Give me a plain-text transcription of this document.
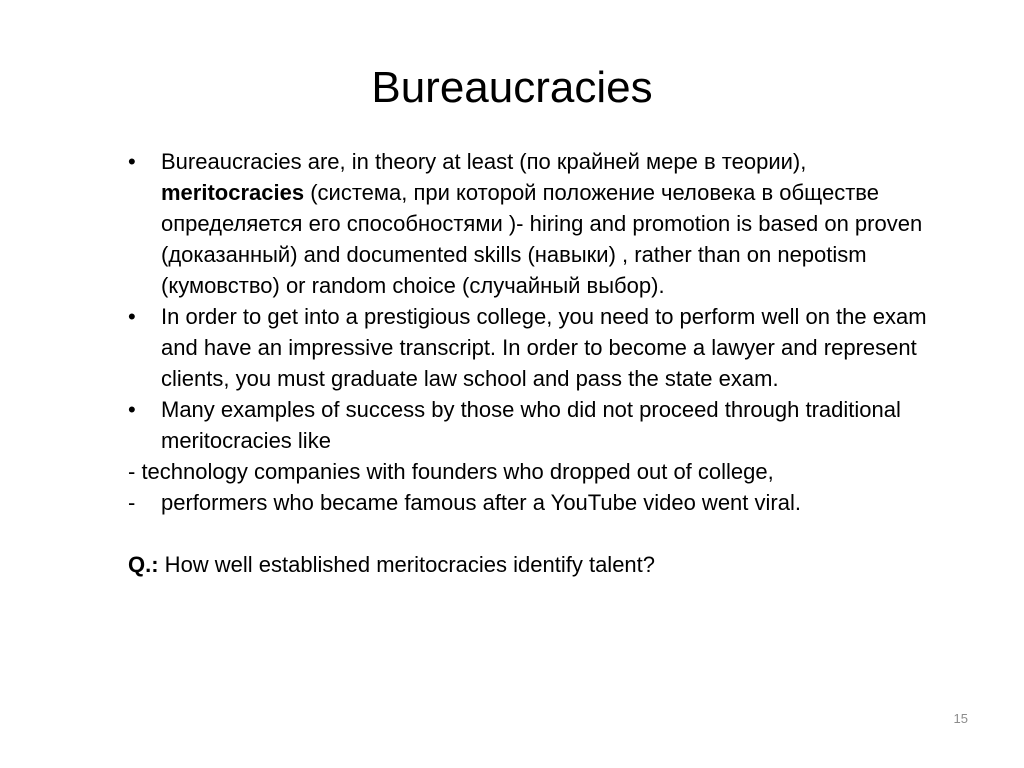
Bureaucracies
•	Bureaucracies are, in theory at least (по крайней мере в теории), meritocracies (система, при которой положение человека в обществе определяется его способностями )- hiring and promotion is based on proven (доказанный) and documented skills (навыки) , rather than on nepotism (кумовство) or random choice (случайный выбор).
•	In order to get into a prestigious college, you need to perform well on the exam and have an impressive transcript. In order to become a lawyer and represent clients, you must graduate law school and pass the state exam.
•	Many examples of success by those who did not proceed through traditional meritocracies like
- technology companies with founders who dropped out of college,
-	performers who became famous after a YouTube video went viral.
Q.: How well established meritocracies identify talent?
15
